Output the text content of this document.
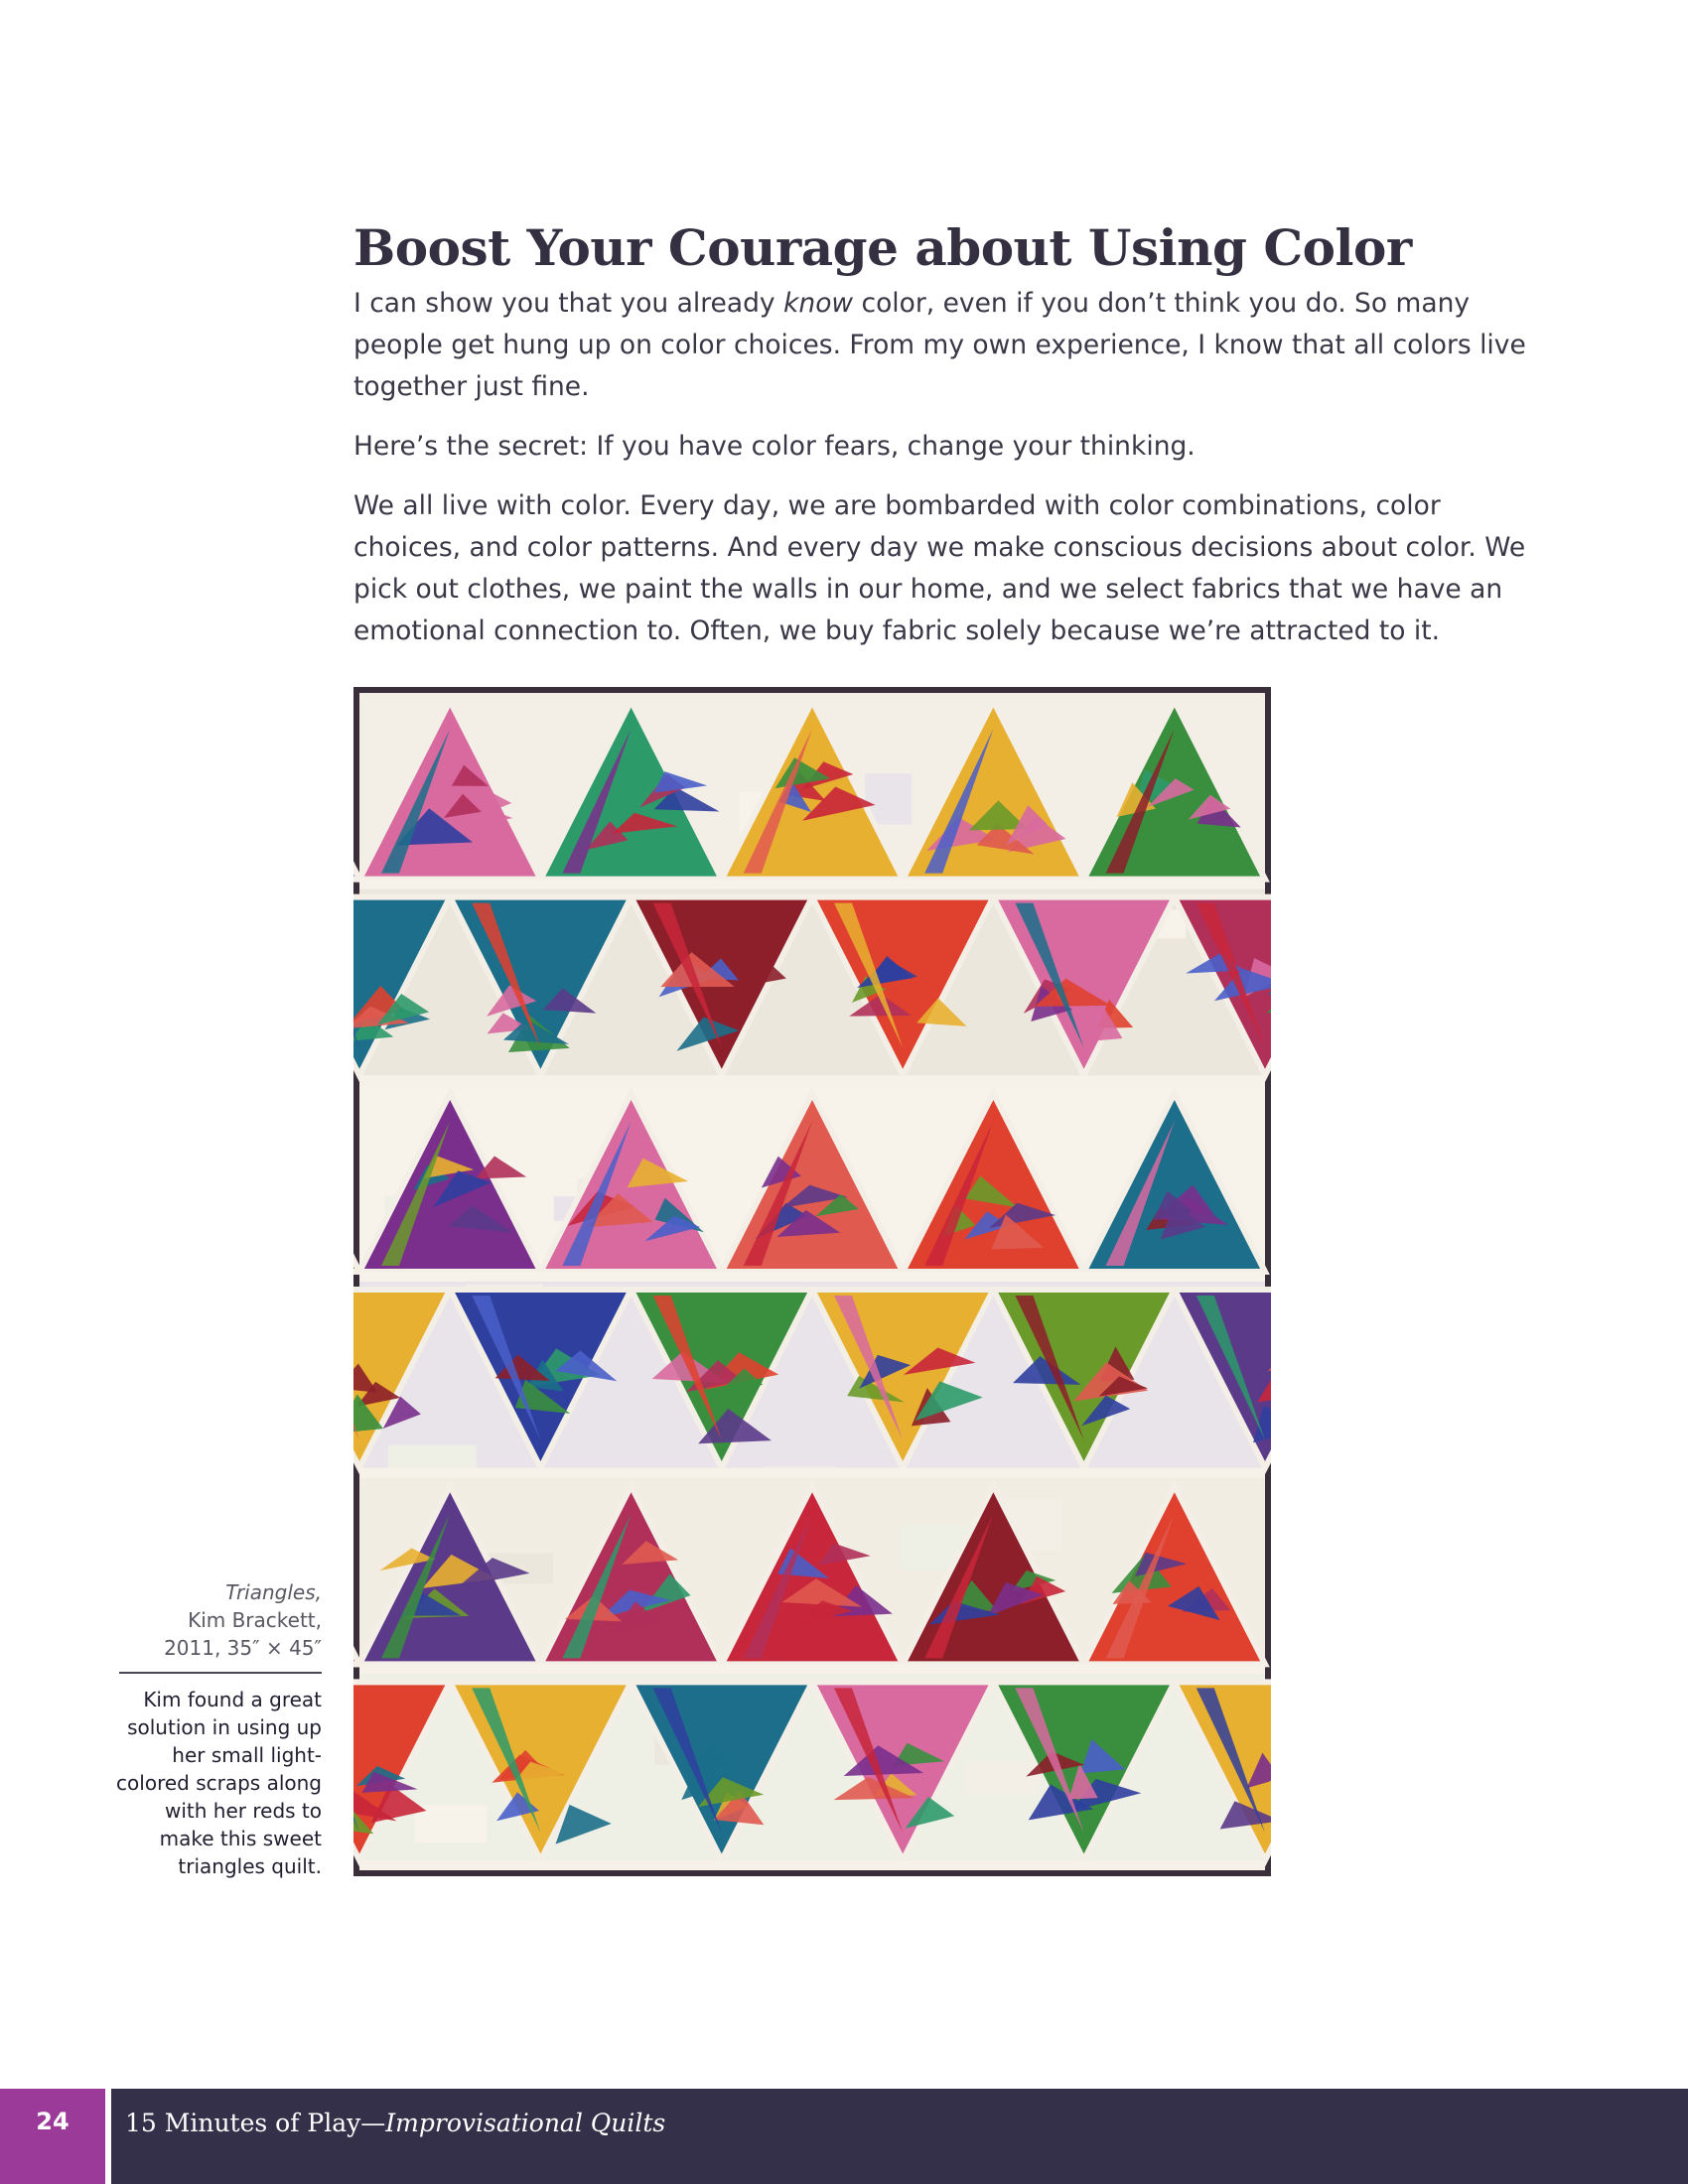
Boost Your Courage about Using Color

I can show you that you already know color, even if you don’t think you do. So many people get hung up on color choices. From my own experience, I know that all colors live together just fine.

Here’s the secret: If you have color fears, change your thinking.

We all live with color. Every day, we are bombarded with color combinations, color choices, and color patterns. And every day we make conscious decisions about color. We pick out clothes, we paint the walls in our home, and we select fabrics that we have an emotional connection to. Often, we buy fabric solely because we’re attracted to it.

Triangles,
Kim Brackett,
2011, 35″ × 45″
Kim found a great solution in using up her small light-colored scraps along with her reds to make this sweet triangles quilt.
24	15 Minutes of Play—Improvisational Quilts
